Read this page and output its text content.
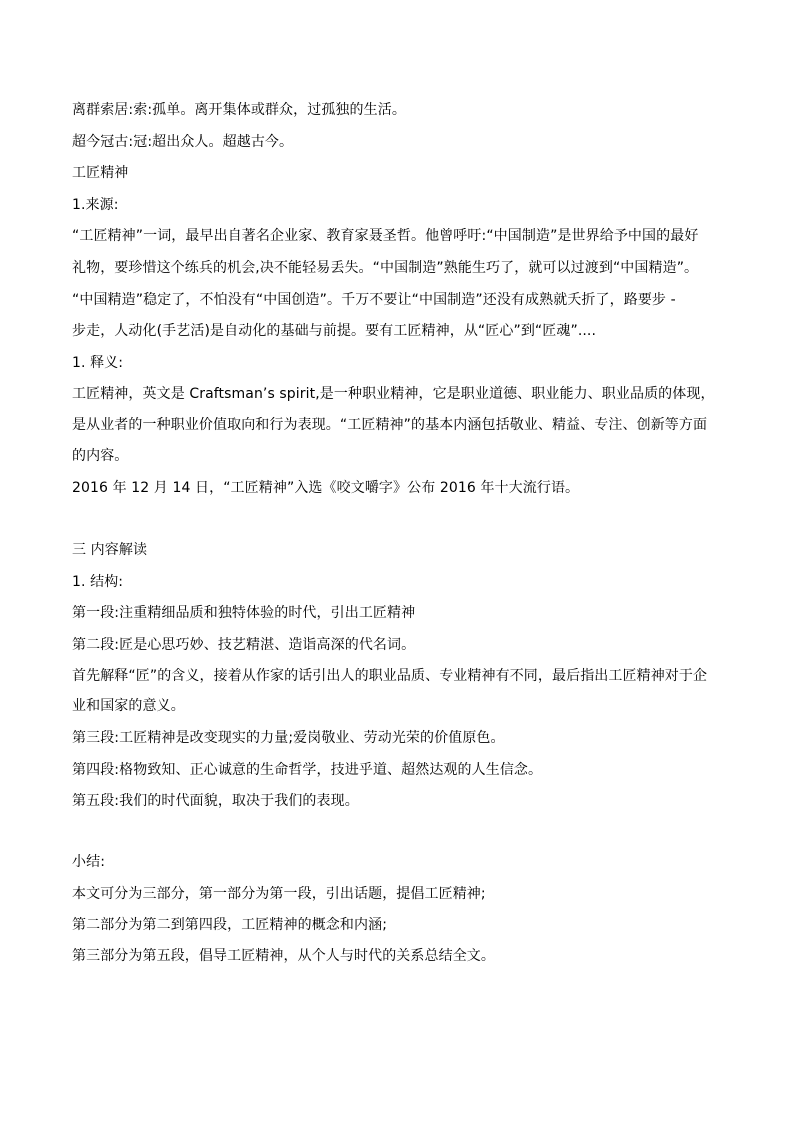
离群索居:索:孤单。离开集体或群众，过孤独的生活。
超今冠古:冠:超出众人。超越古今。
工匠精神
1.来源:
“工匠精神”一词，最早出自著名企业家、教育家聂圣哲。他曾呼吁:“中国制造”是世界给予中国的最好
礼物，要珍惜这个练兵的机会,决不能轻易丢失。“中国制造”熟能生巧了，就可以过渡到“中国精造”。
“中国精造”稳定了，不怕没有“中国创造”。千万不要让“中国制造”还没有成熟就夭折了，路要步 -
步走，人动化(手艺活)是自动化的基础与前提。要有工匠精神，从“匠心”到“匠魂”....
1. 释义:
工匠精神，英文是 Craftsman’s spirit,是一种职业精神，它是职业道德、职业能力、职业品质的体现，
是从业者的一种职业价值取向和行为表现。“工匠精神”的基本内涵包括敬业、精益、专注、创新等方面
的内容。
2016 年 12 月 14 日，“工匠精神”入选《咬文嚼字》公布 2016 年十大流行语。
三 内容解读
1. 结构:
第一段:注重精细品质和独特体验的时代，引出工匠精神
第二段:匠是心思巧妙、技艺精湛、造诣高深的代名词。
首先解释“匠”的含义，接着从作家的话引出人的职业品质、专业精神有不同，最后指出工匠精神对于企
业和国家的意义。
第三段:工匠精神是改变现实的力量;爱岗敬业、劳动光荣的价值原色。
第四段:格物致知、正心诚意的生命哲学，技进乎道、超然达观的人生信念。
第五段:我们的时代面貌，取决于我们的表现。
小结:
本文可分为三部分，第一部分为第一段，引出话题，提倡工匠精神;
第二部分为第二到第四段，工匠精神的概念和内涵;
第三部分为第五段，倡导工匠精神，从个人与时代的关系总结全文。
